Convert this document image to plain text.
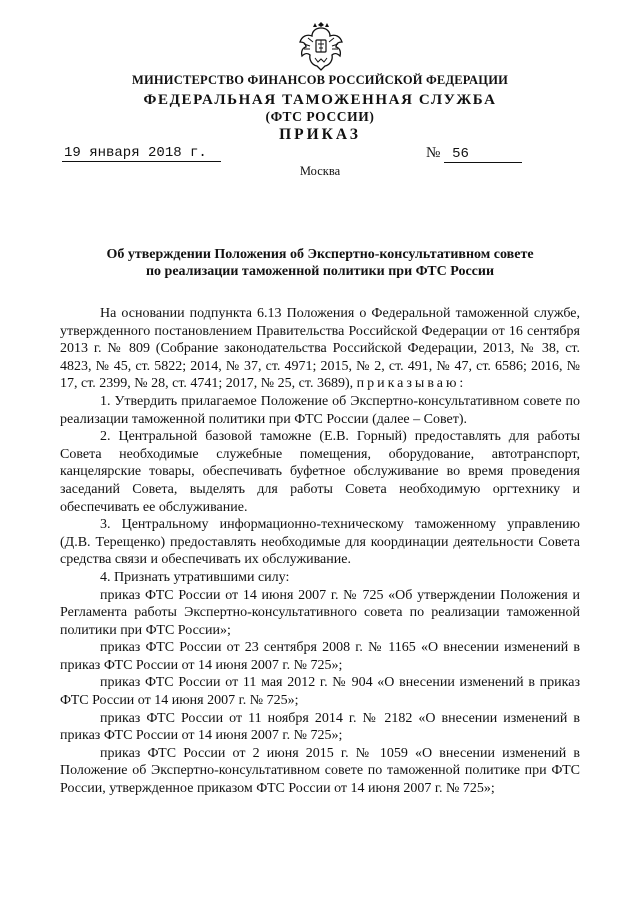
МИНИСТЕРСТВО ФИНАНСОВ РОССИЙСКОЙ ФЕДЕРАЦИИ
ФЕДЕРАЛЬНАЯ ТАМОЖЕННАЯ СЛУЖБА
(ФТС РОССИИ)
ПРИКАЗ
19 января 2018 г.	№ 56
Москва
Об утверждении Положения об Экспертно-консультативном совете
по реализации таможенной политики при ФТС России

На основании подпункта 6.13 Положения о Федеральной таможенной службе, утвержденного постановлением Правительства Российской Федерации от 16 сентября 2013 г. № 809 (Собрание законодательства Российской Федерации, 2013, № 38, ст. 4823, № 45, ст. 5822; 2014, № 37, ст. 4971; 2015, № 2, ст. 491, № 47, ст. 6586; 2016, № 17, ст. 2399, № 28, ст. 4741; 2017, № 25, ст. 3689), приказываю:

1. Утвердить прилагаемое Положение об Экспертно-консультативном совете по реализации таможенной политики при ФТС России (далее – Совет).

2. Центральной базовой таможне (Е.В. Горный) предоставлять для работы Совета необходимые служебные помещения, оборудование, автотранспорт, канцелярские товары, обеспечивать буфетное обслуживание во время проведения заседаний Совета, выделять для работы Совета необходимую оргтехнику и обеспечивать ее обслуживание.

3. Центральному информационно-техническому таможенному управлению (Д.В. Терещенко) предоставлять необходимые для координации деятельности Совета средства связи и обеспечивать их обслуживание.

4. Признать утратившими силу:

приказ ФТС России от 14 июня 2007 г. № 725 «Об утверждении Положения и Регламента работы Экспертно-консультативного совета по реализации таможенной политики при ФТС России»;

приказ ФТС России от 23 сентября 2008 г. № 1165 «О внесении изменений в приказ ФТС России от 14 июня 2007 г. № 725»;

приказ ФТС России от 11 мая 2012 г. № 904 «О внесении изменений в приказ ФТС России от 14 июня 2007 г. № 725»;

приказ ФТС России от 11 ноября 2014 г. № 2182 «О внесении изменений в приказ ФТС России от 14 июня 2007 г. № 725»;

приказ ФТС России от 2 июня 2015 г. № 1059 «О внесении изменений в Положение об Экспертно-консультативном совете по таможенной политике при ФТС России, утвержденное приказом ФТС России от 14 июня 2007 г. № 725»;
